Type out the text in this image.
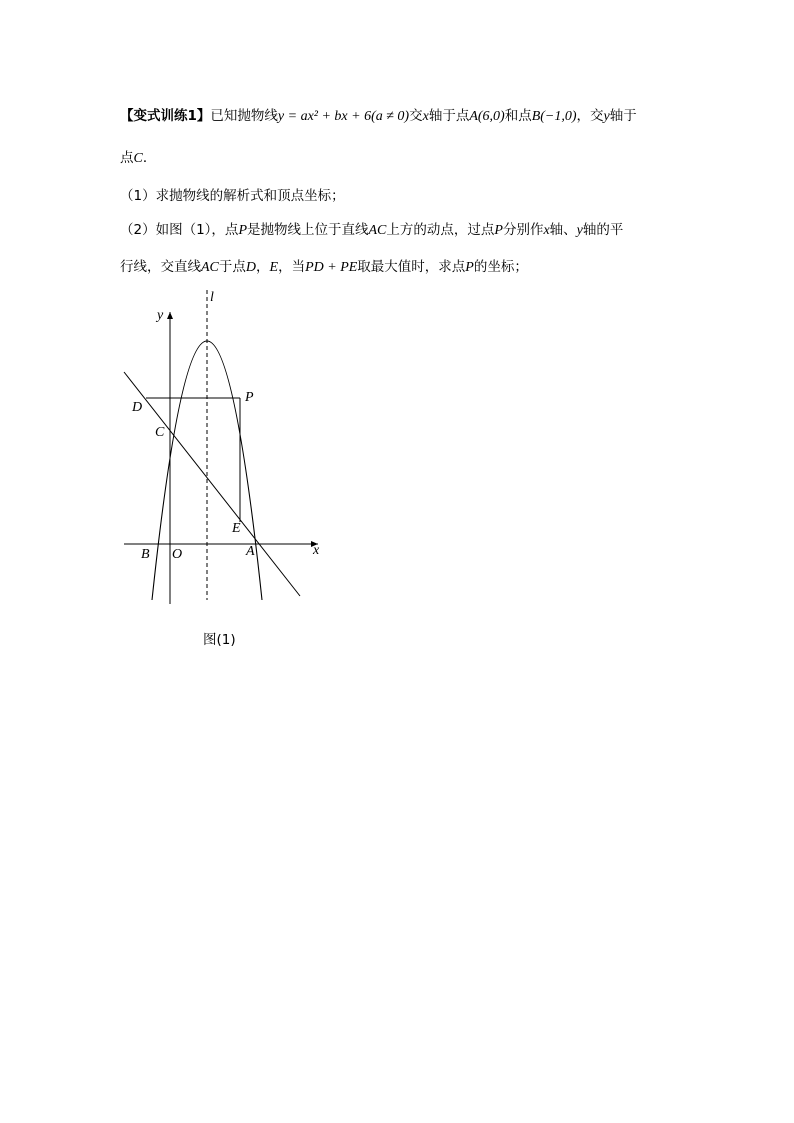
【变式训练1】已知抛物线y = ax² + bx + 6(a ≠ 0)交x轴于点A(6,0)和点B(−1,0)，交y轴于
点C．
（1）求抛物线的解析式和顶点坐标；
（2）如图（1），点P是抛物线上位于直线AC上方的动点，过点P分别作x轴、y轴的平
行线，交直线AC于点D，E，当PD + PE取最大值时，求点P的坐标；
l
y
x
D
P
C
E
B O	A
图(1)
